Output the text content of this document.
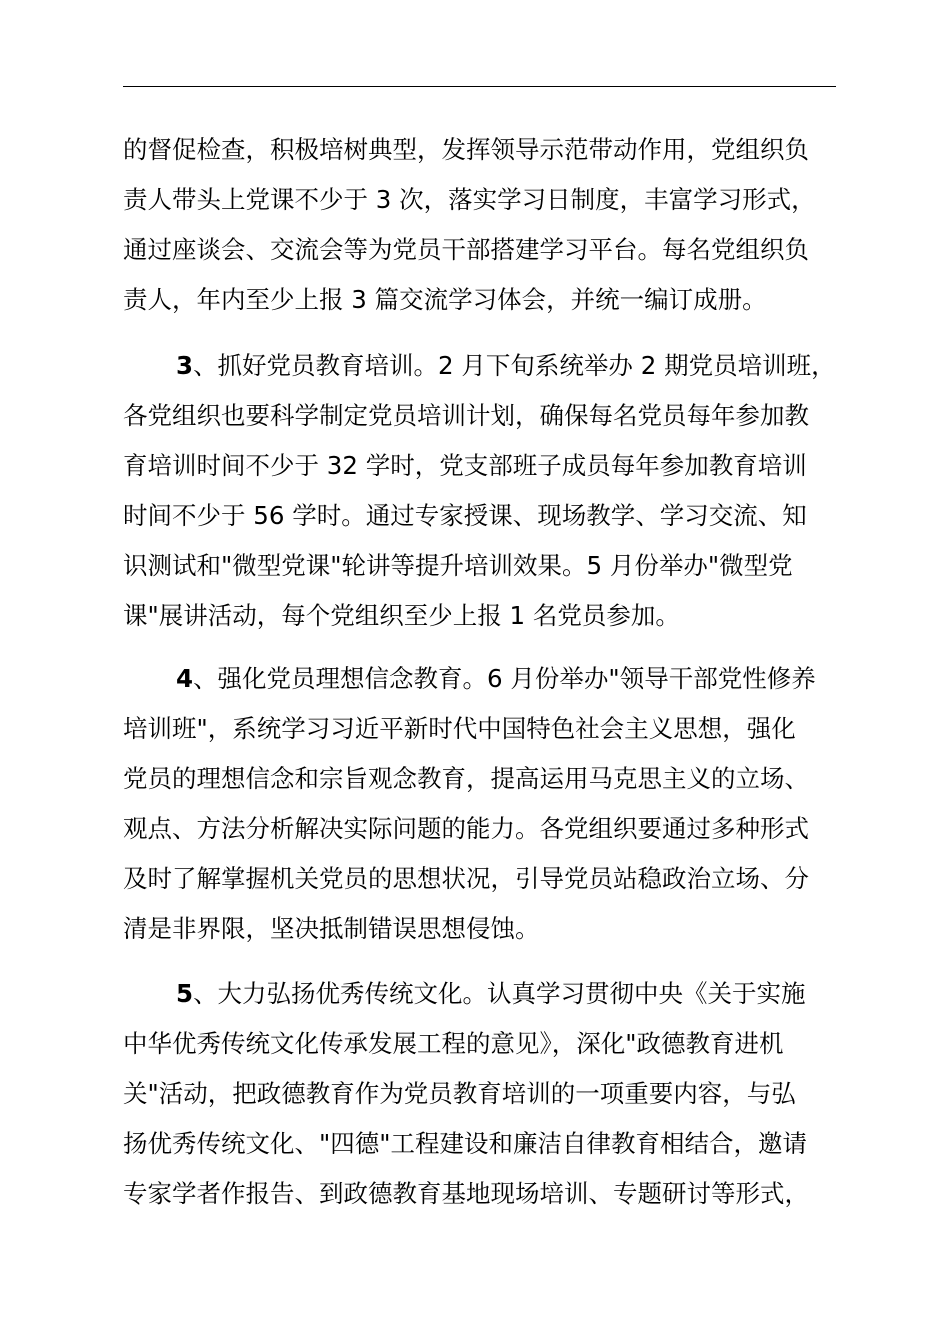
的督促检查，积极培树典型，发挥领导示范带动作用，党组织负
责人带头上党课不少于 3 次，落实学习日制度，丰富学习形式，
通过座谈会、交流会等为党员干部搭建学习平台。每名党组织负
责人，年内至少上报 3 篇交流学习体会，并统一编订成册。
3、抓好党员教育培训。2 月下旬系统举办 2 期党员培训班，
各党组织也要科学制定党员培训计划，确保每名党员每年参加教
育培训时间不少于 32 学时，党支部班子成员每年参加教育培训
时间不少于 56 学时。通过专家授课、现场教学、学习交流、知
识测试和"微型党课"轮讲等提升培训效果。5 月份举办"微型党
课"展讲活动，每个党组织至少上报 1 名党员参加。
4、强化党员理想信念教育。6 月份举办"领导干部党性修养
培训班"，系统学习习近平新时代中国特色社会主义思想，强化
党员的理想信念和宗旨观念教育，提高运用马克思主义的立场、
观点、方法分析解决实际问题的能力。各党组织要通过多种形式
及时了解掌握机关党员的思想状况，引导党员站稳政治立场、分
清是非界限，坚决抵制错误思想侵蚀。
5、大力弘扬优秀传统文化。认真学习贯彻中央《关于实施
中华优秀传统文化传承发展工程的意见》，深化"政德教育进机
关"活动，把政德教育作为党员教育培训的一项重要内容，与弘
扬优秀传统文化、"四德"工程建设和廉洁自律教育相结合，邀请
专家学者作报告、到政德教育基地现场培训、专题研讨等形式，
